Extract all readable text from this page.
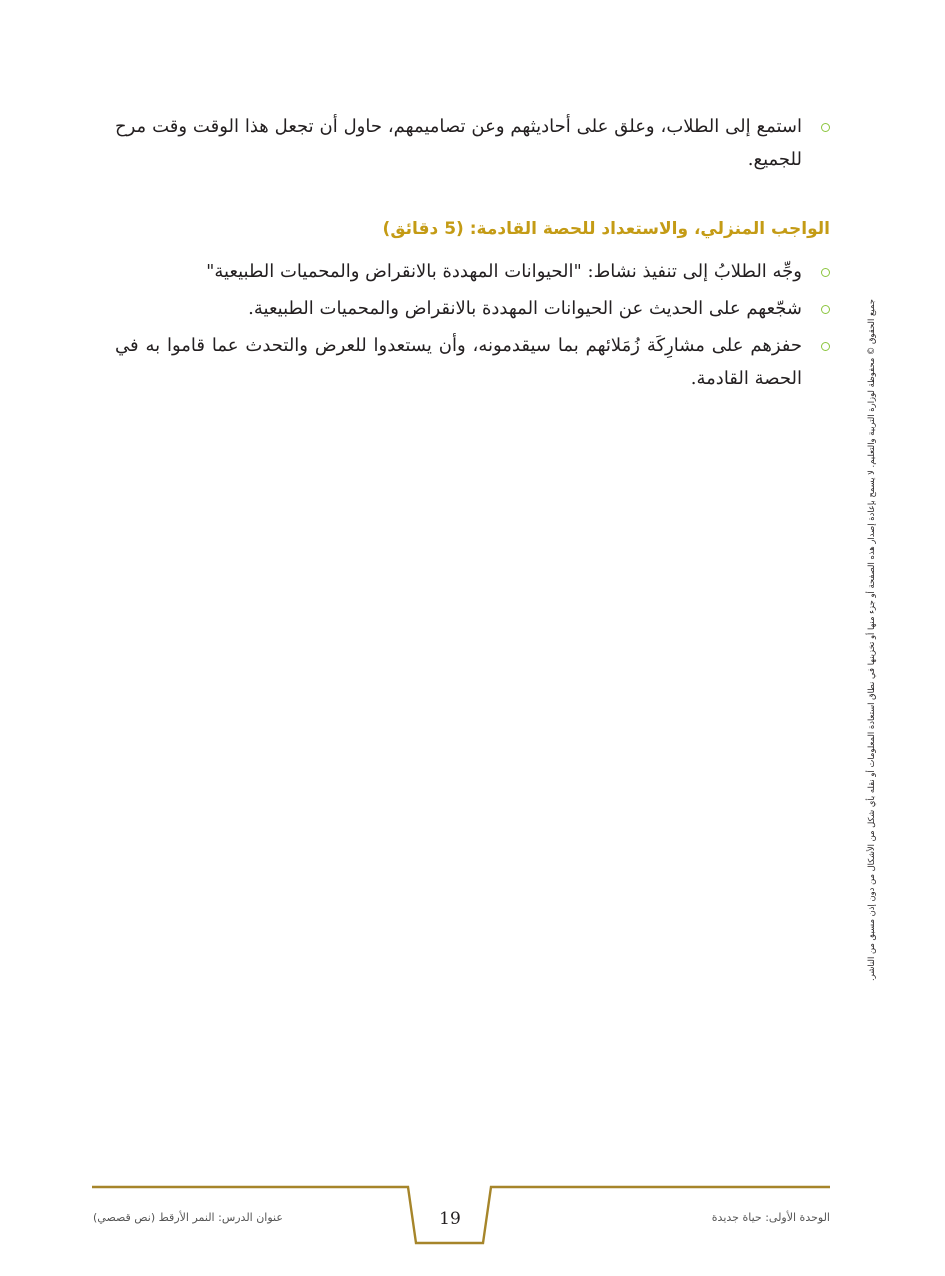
استمع إلى الطلاب، وعلق على أحاديثهم وعن تصاميمهم، حاول أن تجعل هذا الوقت وقت مرح للجميع.
الواجب المنزلي، والاستعداد للحصة القادمة: (5 دقائق)
وجِّه الطلابُ إلى تنفيذ نشاط: "الحيوانات المهددة بالانقراض والمحميات الطبيعية"
شجّعهم على الحديث عن الحيوانات المهددة بالانقراض والمحميات الطبيعية.
حفزهم على مشارِكَة زُمَلائهم بما سيقدمونه، وأن يستعدوا للعرض والتحدث عما قاموا به في الحصة القادمة.	جميع الحقوق © محفوظة لوزارة التربية والتعليم. لا يسمح بإعادة إصدار هذه الصفحة أو جزء منها أو تخزينها في نطاق استعادة المعلومات أو نقله بأي شكل من الأشكال من دون إذن مسبق من الناشر.
19	الوحدة الأولى: حياة جديدة
عنوان الدرس: النمر الأرقط (نص قصصي)
